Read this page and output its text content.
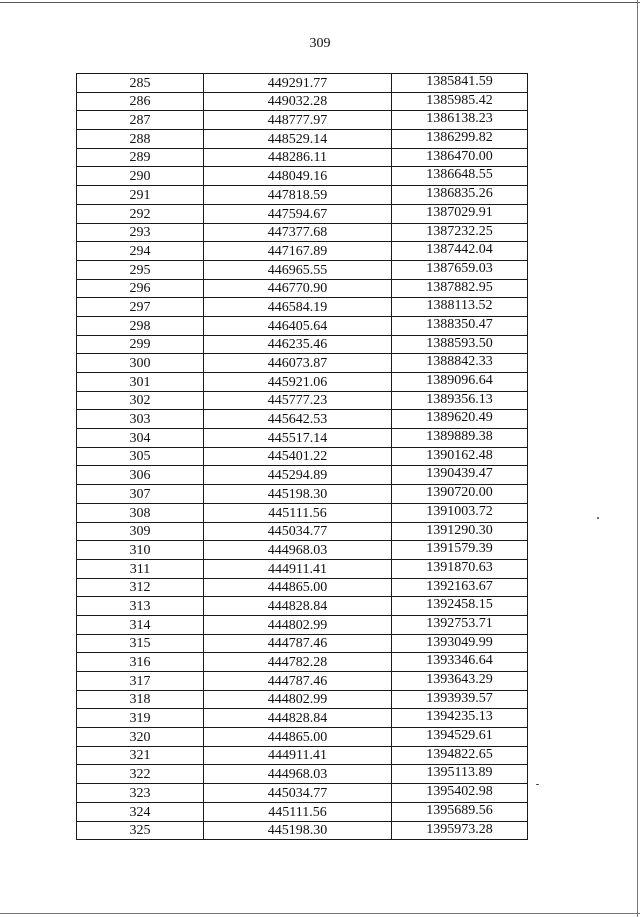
309
285	449291.77	1385841.59
286	449032.28	1385985.42
287	448777.97	1386138.23
288	448529.14	1386299.82
289	448286.11	1386470.00
290	448049.16	1386648.55
291	447818.59	1386835.26
292	447594.67	1387029.91
293	447377.68	1387232.25
294	447167.89	1387442.04
295	446965.55	1387659.03
296	446770.90	1387882.95
297	446584.19	1388113.52
298	446405.64	1388350.47
299	446235.46	1388593.50
300	446073.87	1388842.33
301	445921.06	1389096.64
302	445777.23	1389356.13
303	445642.53	1389620.49
304	445517.14	1389889.38
305	445401.22	1390162.48
306	445294.89	1390439.47
307	445198.30	1390720.00
308	445111.56	1391003.72
309	445034.77	1391290.30
310	444968.03	1391579.39
311	444911.41	1391870.63
312	444865.00	1392163.67
313	444828.84	1392458.15
314	444802.99	1392753.71
315	444787.46	1393049.99
316	444782.28	1393346.64
317	444787.46	1393643.29
318	444802.99	1393939.57
319	444828.84	1394235.13
320	444865.00	1394529.61
321	444911.41	1394822.65
322	444968.03	1395113.89
323	445034.77	1395402.98
324	445111.56	1395689.56
325	445198.30	1395973.28
